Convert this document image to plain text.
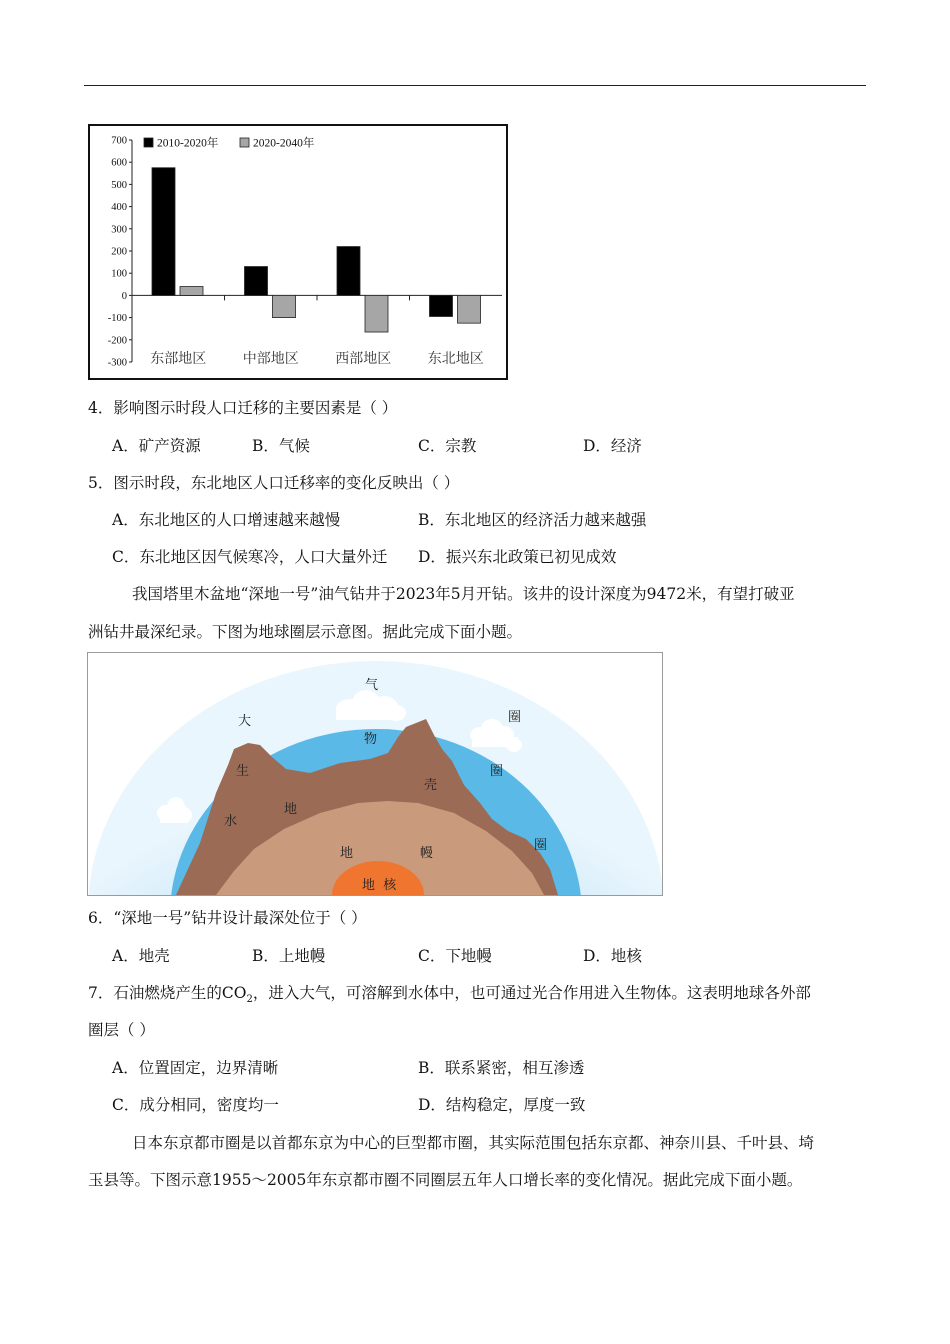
700
600
500
400
300
200
100
0
-100
-200
-300 东部地区	中部地区	西部地区	东北地区
2010-2020年	2020-2040年
4．影响图示时段人口迁移的主要因素是（ ）
A．矿产资源	B．气候	C．宗教	D．经济
5．图示时段，东北地区人口迁移率的变化反映出（ ）
A．东北地区的人口增速越来越慢	B．东北地区的经济活力越来越强
C．东北地区因气候寒冷，人口大量外迁 D．振兴东北政策已初见成效
我国塔里木盆地“深地一号”油气钻井于2023年5月开钻。该井的设计深度为9472米，有望打破亚
洲钻井最深纪录。下图为地球圈层示意图。据此完成下面小题。
气
大	圈
物
生	圈
壳
水
地
圈
地	幔
地  核
6．“深地一号”钻井设计最深处位于（ ）
A．地壳	B．上地幔	C．下地幔	D．地核
7．石油燃烧产生的$CO_2$，进入大气，可溶解到水体中，也可通过光合作用进入生物体。这表明地球各外部
圈层（ ）
A．位置固定，边界清晰	B．联系紧密，相互渗透
C．成分相同，密度均一	D．结构稳定，厚度一致
日本东京都市圈是以首都东京为中心的巨型都市圈，其实际范围包括东京都、神奈川县、千叶县、埼
玉县等。下图示意1955～2005年东京都市圈不同圈层五年人口增长率的变化情况。据此完成下面小题。
